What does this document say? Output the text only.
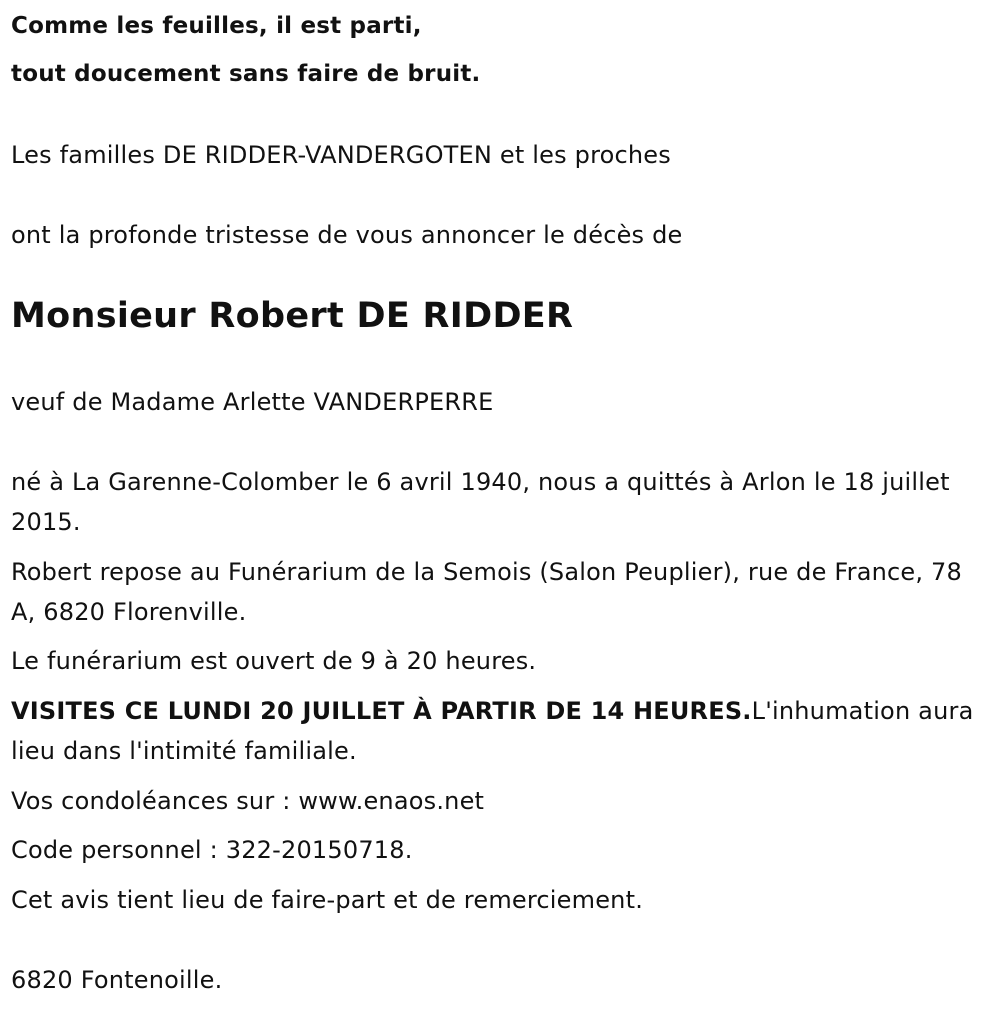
Comme les feuilles, il est parti,
tout doucement sans faire de bruit.
Les familles DE RIDDER-VANDERGOTEN et les proches
ont la profonde tristesse de vous annoncer le décès de
Monsieur Robert DE RIDDER
veuf de Madame Arlette VANDERPERRE
né à La Garenne-Colomber le 6 avril 1940, nous a quittés à Arlon le 18 juillet 2015.
Robert repose au Funérarium de la Semois (Salon Peuplier), rue de France, 78 A, 6820 Florenville.
Le funérarium est ouvert de 9 à 20 heures.
VISITES CE LUNDI 20 JUILLET À PARTIR DE 14 HEURES.L'inhumation aura lieu dans l'intimité familiale.
Vos condoléances sur : www.enaos.net
Code personnel : 322-20150718.
Cet avis tient lieu de faire-part et de remerciement.
6820 Fontenoille.
